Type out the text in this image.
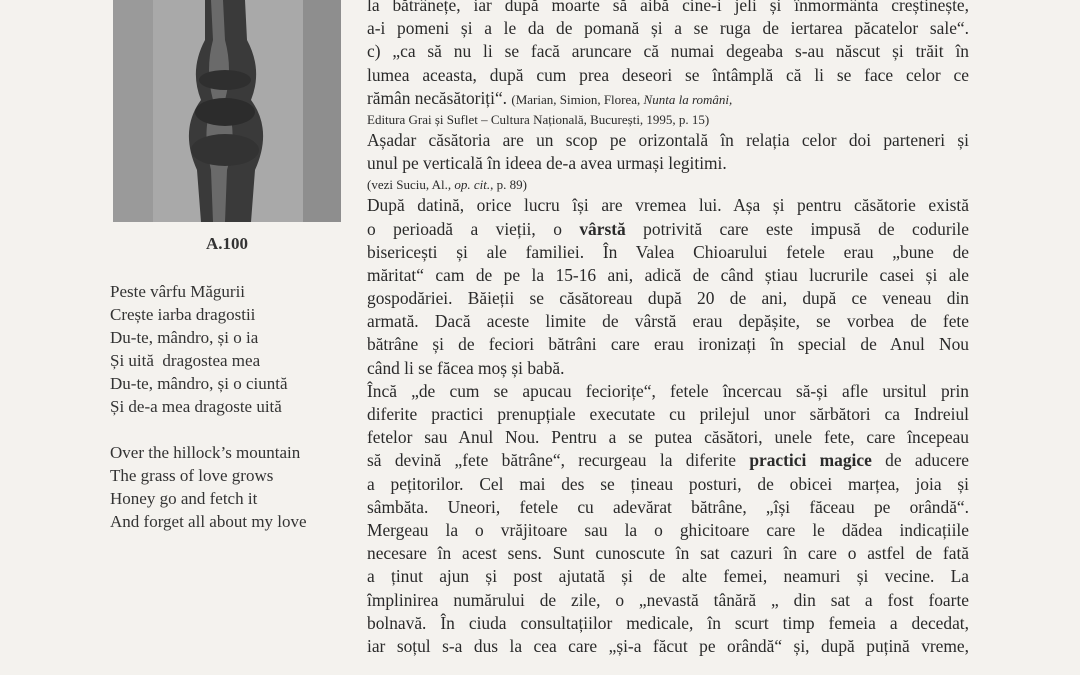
A.100
Peste vârfu Măgurii
Crește iarba dragostii
Du-te, mândro, și o ia
Și uită  dragostea mea
Du-te, mândro, și o ciuntă
Și de-a mea dragoste uită
Over the hillock’s mountain
The grass of love grows
Honey go and fetch it
And forget all about my love
la bătrânețe, iar după moarte să aibă cine-i jeli și înmormânta creștinește,
a-i pomeni și a le da de pomană și a se ruga de iertarea păcatelor sale“.
c) „ca să nu li se facă aruncare că numai degeaba s-au născut și trăit în
lumea aceasta, după cum prea deseori se întâmplă că li se face celor ce
rămân necăsătoriți“. (Marian, Simion, Florea, Nunta la români,
Editura Grai și Suflet – Cultura Națională, București, 1995, p. 15)
Așadar căsătoria are un scop pe orizontală în relația celor doi parteneri și
unul pe verticală în ideea de-a avea urmași legitimi.
(vezi Suciu, Al., op. cit., p. 89)
După datină, orice lucru își are vremea lui. Așa și pentru căsătorie există
o perioadă a vieții, o vârstă potrivită care este impusă de codurile
bisericești și ale familiei. În Valea Chioarului fetele erau „bune de
măritat“ cam de pe la 15-16 ani, adică de când știau lucrurile casei și ale
gospodăriei. Băieții se căsătoreau după 20 de ani, după ce veneau din
armată. Dacă aceste limite de vârstă erau depășite, se vorbea de fete
bătrâne și de feciori bătrâni care erau ironizați în special de Anul Nou
când li se făcea moș și babă.
Încă „de cum se apucau feciorițe“, fetele încercau să-și afle ursitul prin
diferite practici prenupțiale executate cu prilejul unor sărbători ca Indreiul
fetelor sau Anul Nou. Pentru a se putea căsători, unele fete, care începeau
să devină „fete bătrâne“, recurgeau la diferite practici magice de aducere
a pețitorilor. Cel mai des se țineau posturi, de obicei marțea, joia și
sâmbăta. Uneori, fetele cu adevărat bătrâne, „își făceau pe orândă“.
Mergeau la o vrăjitoare sau la o ghicitoare care le dădea indicațiile
necesare în acest sens. Sunt cunoscute în sat cazuri în care o astfel de fată
a ținut ajun și post ajutată și de alte femei, neamuri și vecine. La
împlinirea numărului de zile, o „nevastă tânără „ din sat a fost foarte
bolnavă. În ciuda consultațiilor medicale, în scurt timp femeia a decedat,
iar soțul s-a dus la cea care „și-a făcut pe orândă“ și, după puțină vreme,
